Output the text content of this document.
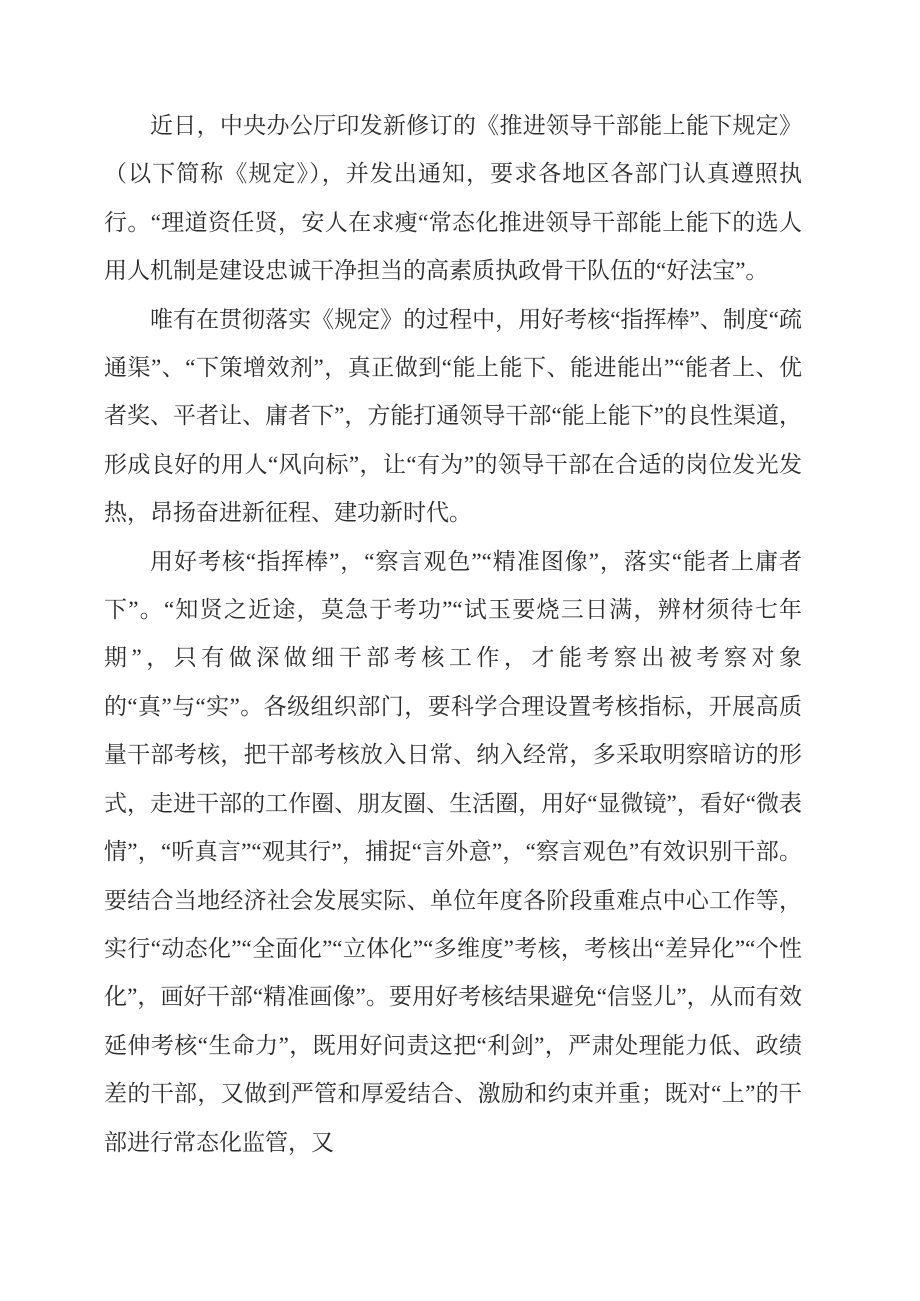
近日，中央办公厅印发新修订的《推进领导干部能上能下规定》（以下简称《规定》），并发出通知，要求各地区各部门认真遵照执行。“理道资任贤，安人在求瘦“常态化推进领导干部能上能下的选人用人机制是建设忠诚干净担当的高素质执政骨干队伍的“好法宝”。

唯有在贯彻落实《规定》的过程中，用好考核“指挥棒”、制度“疏通渠”、“下策增效剂”，真正做到“能上能下、能进能出”“能者上、优者奖、平者让、庸者下”，方能打通领导干部“能上能下”的良性渠道，形成良好的用人“风向标”，让“有为”的领导干部在合适的岗位发光发热，昂扬奋进新征程、建功新时代。

用好考核“指挥棒”，“察言观色”“精准图像”，落实“能者上庸者下”。“知贤之近途，莫急于考功”“试玉要烧三日满，辨材须待七年期”，只有做深做细干部考核工作，才能考察出被考察对象的“真”与“实”。各级组织部门，要科学合理设置考核指标，开展高质量干部考核，把干部考核放入日常、纳入经常，多采取明察暗访的形式，走进干部的工作圈、朋友圈、生活圈，用好“显微镜”，看好“微表情”，“听真言”“观其行”，捕捉“言外意”，“察言观色”有效识别干部。要结合当地经济社会发展实际、单位年度各阶段重难点中心工作等，实行“动态化”“全面化”“立体化”“多维度”考核，考核出“差异化”“个性化”，画好干部“精准画像”。要用好考核结果避免“信竖儿”，从而有效延伸考核“生命力”，既用好问责这把“利剑”，严肃处理能力低、政绩差的干部，又做到严管和厚爱结合、激励和约束并重；既对“上”的干部进行常态化监管，又
